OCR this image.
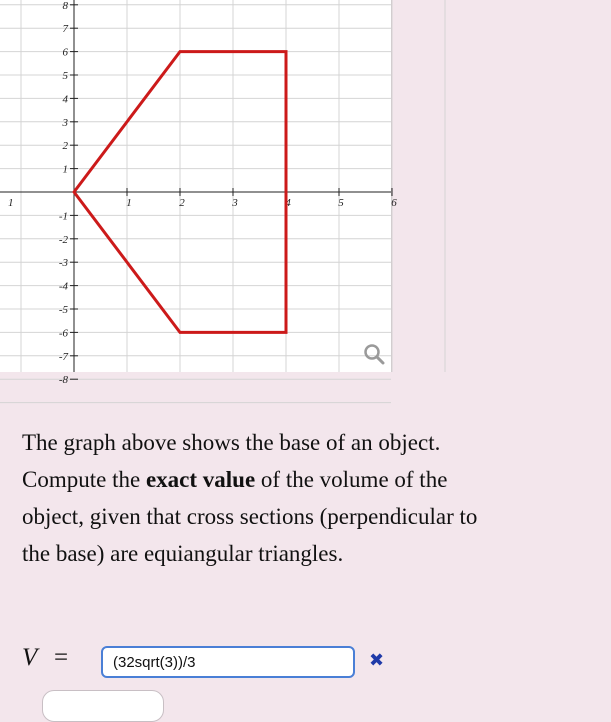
8
7
6
5
4
3
2
1
-1
-2
-3
-4
-5
-6
-7
-8
1	1	2	3	4	5	6
The graph above shows the base of an object.
Compute the exact value of the volume of the
object, given that cross sections (perpendicular to
the base) are equiangular triangles.
V =
(32sqrt(3))/3	✖
